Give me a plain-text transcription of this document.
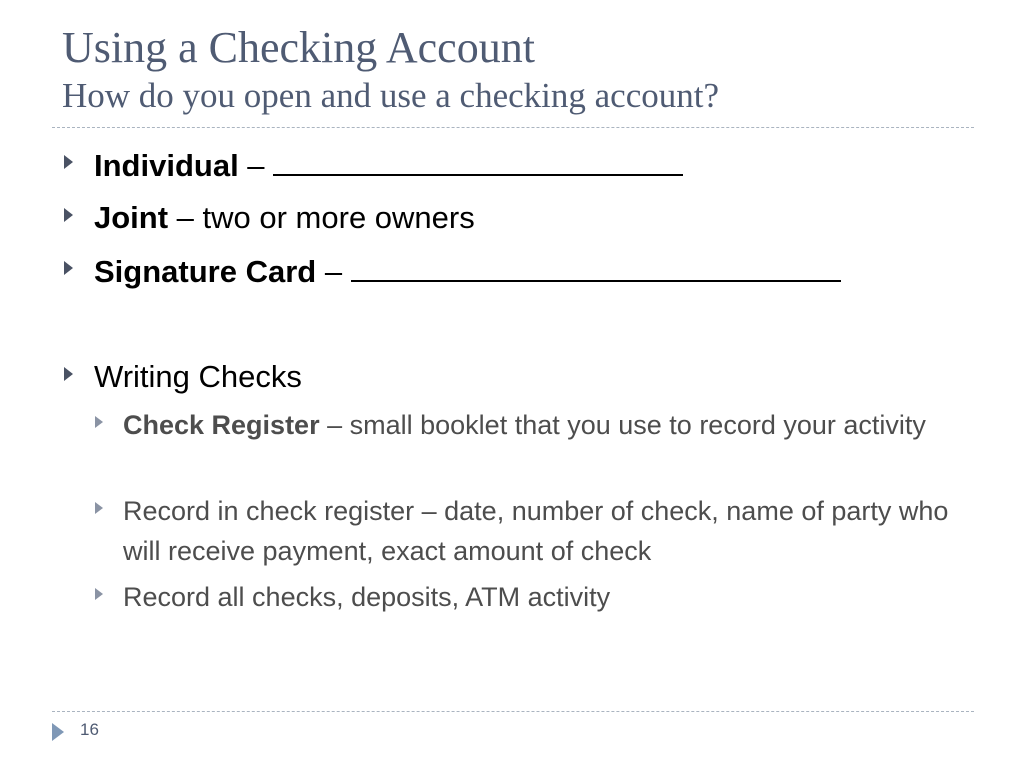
Using a Checking Account

How do you open and use a checking account?

Individual –
Joint – two or more owners
Signature Card –
Writing Checks
Check Register – small booklet that you use to record your activity
Record in check register – date, number of check, name of party who will receive payment, exact amount of check
Record all checks, deposits, ATM activity
16
